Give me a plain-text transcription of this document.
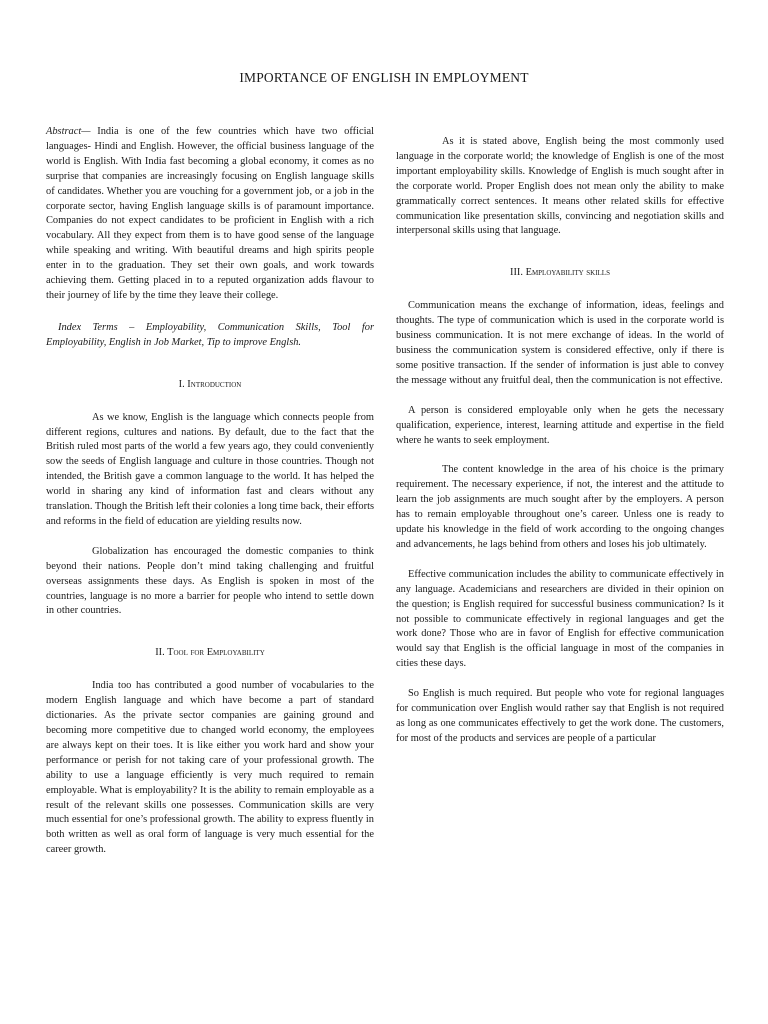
IMPORTANCE OF ENGLISH IN EMPLOYMENT

Abstract— India is one of the few countries which have two official languages- Hindi and English. However, the official business language of the world is English. With India fast becoming a global economy, it comes as no surprise that companies are increasingly focusing on English language skills of candidates. Whether you are vouching for a government job, or a job in the corporate sector, having English language skills is of paramount importance. Companies do not expect candidates to be proficient in English with a rich vocabulary. All they expect from them is to have good sense of the language while speaking and writing. With beautiful dreams and high spirits people enter in to the graduation. They set their own goals, and work towards achieving them. Getting placed in to a reputed organization adds flavour to their journey of life by the time they leave their college.

Index Terms – Employability, Communication Skills, Tool for Employability, English in Job Market, Tip to improve Englsh.

I. Introduction

As we know, English is the language which connects people from different regions, cultures and nations. By default, due to the fact that the British ruled most parts of the world a few years ago, they could conveniently sow the seeds of English language and culture in those countries. Though not intended, the British gave a common language to the world. It has helped the world in sharing any kind of information fast and clears without any translation. Though the British left their colonies a long time back, their efforts and reforms in the field of education are yielding results now.

Globalization has encouraged the domestic companies to think beyond their nations. People don’t mind taking challenging and fruitful overseas assignments these days. As English is spoken in most of the countries, language is no more a barrier for people who intend to settle down in other countries.

II. Tool for Employability

India too has contributed a good number of vocabularies to the modern English language and which have become a part of standard dictionaries. As the private sector companies are gaining ground and becoming more competitive due to changed world economy, the employees are always kept on their toes. It is like either you work hard and show your performance or perish for not taking care of your professional growth. The ability to use a language efficiently is very much required to remain employable. What is employability? It is the ability to remain employable as a result of the relevant skills one possesses. Communication skills are very much essential for one’s professional growth. The ability to express fluently in both written as well as oral form of language is very much essential for the career growth.

As it is stated above, English being the most commonly used language in the corporate world; the knowledge of English is one of the most important employability skills. Knowledge of English is much sought after in the corporate world. Proper English does not mean only the ability to make grammatically correct sentences. It means other related skills for effective communication like presentation skills, convincing and negotiation skills and interpersonal skills using that language.

III. Employability skills

Communication means the exchange of information, ideas, feelings and thoughts. The type of communication which is used in the corporate world is business communication. It is not mere exchange of ideas. In the world of business the communication system is considered effective, only if there is some positive transaction. If the sender of information is just able to convey the message without any fruitful deal, then the communication is not effective.

A person is considered employable only when he gets the necessary qualification, experience, interest, learning attitude and expertise in the field where he wants to seek employment.

The content knowledge in the area of his choice is the primary requirement. The necessary experience, if not, the interest and the attitude to learn the job assignments are much sought after by the employers. A person has to remain employable throughout one’s career. Unless one is ready to update his knowledge in the field of work according to the ongoing changes and advancements, he lags behind from others and loses his job ultimately.

Effective communication includes the ability to communicate effectively in any language. Academicians and researchers are divided in their opinion on the question; is English required for successful business communication? Is it not possible to communicate effectively in regional languages and get the work done? Those who are in favor of English for effective communication would say that English is the official language in most of the companies in cities these days.

So English is much required. But people who vote for regional languages for communication over English would rather say that English is not required as long as one communicates effectively to get the work done. The customers, for most of the products and services are people of a particular
